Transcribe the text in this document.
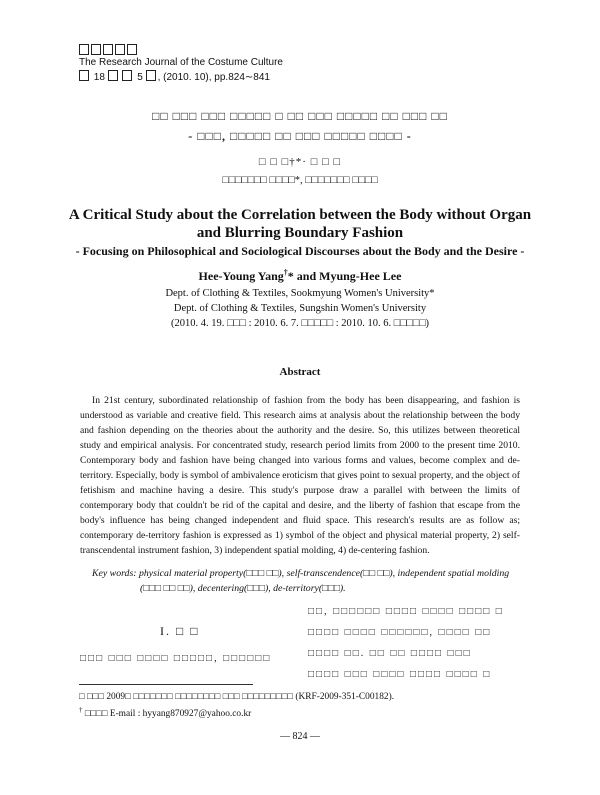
The Research Journal of the Costume Culture
18	5 , (2010. 10), pp.824∼841
□□ □□□ □□□ □□□□□ □ □□ □□□ □□□□□ □□ □□□ □□
- □□□, □□□□□ □□ □□□ □□□□□ □□□□ -
□ □ □†*· □ □ □
□□□□□□□ □□□□*, □□□□□□□ □□□□
A Critical Study about the Correlation between the Body without Organ
and Blurring Boundary Fashion
- Focusing on Philosophical and Sociological Discourses about the Body and the Desire -
Hee-Young Yang†* and Myung-Hee Lee
Dept. of Clothing & Textiles, Sookmyung Women's University*
Dept. of Clothing & Textiles, Sungshin Women's University
(2010. 4. 19. □□□ : 2010. 6. 7. □□□□□ : 2010. 10. 6. □□□□□)
Abstract
In 21st century, subordinated relationship of fashion from the body has been disappearing, and fashion is understood as variable and creative field. This research aims at analysis about the relationship between the body and fashion depending on the theories about the authority and the desire. So, this utilizes between theoretical study and empirical analysis. For concentrated study, research period limits from 2000 to the present time 2010. Contemporary body and fashion have being changed into various forms and values, become complex and de-territory. Especially, body is symbol of ambivalence eroticism that gives point to sexual property, and the object of fetishism and machine having a desire. This study's purpose draw a parallel with between the limits of contemporary body that couldn't be rid of the capital and desire, and the liberty of fashion that escape from the body's influence has being changed independent and fluid space. This research's results are as follow as; contemporary de-territory fashion is expressed as 1) symbol of the object and physical material property, 2) self-transcendental instrument fashion, 3) independent spatial molding, 4) de-centering fashion.
Key words: physical material property(□□□ □□), self-transcendence(□□ □□), independent spatial molding
(□□□ □□ □□), decentering(□□□), de-territory(□□□).
I. □ □
□□□ □□□ □□□□ □□□□□, □□□□□□
□□, □□□□□□ □□□□ □□□□ □□□□ □
□□□□ □□□□ □□□□□□, □□□□ □□
□□□□ □□. □□ □□ □□□□ □□□
□□□□ □□□ □□□□ □□□□ □□□□ □
□ □□□ 2009□ □□□□□□□ □□□□□□□□ □□□ □□□□□□□□□ (KRF-2009-351-C00182).
† □□□□ E-mail : hyyang870927@yahoo.co.kr
— 824 —
